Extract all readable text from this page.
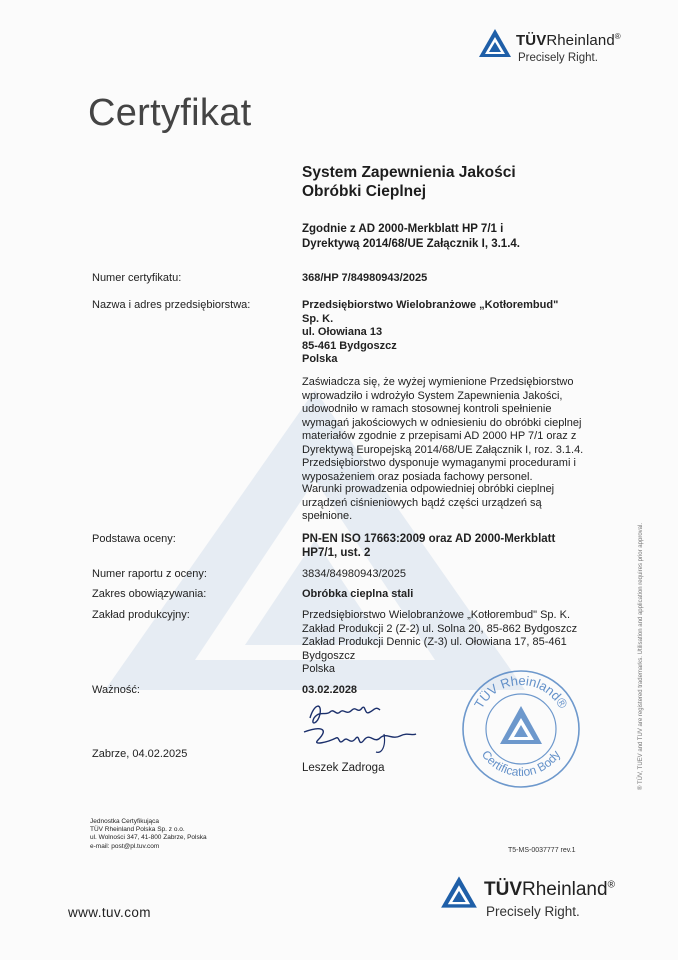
TÜVRheinland®
Precisely Right.
Certyfikat
System Zapewnienia Jakości
Obróbki Cieplnej
Zgodnie z AD 2000-Merkblatt HP 7/1 i
Dyrektywą 2014/68/UE Załącznik I, 3.1.4.
Numer certyfikatu:	368/HP 7/84980943/2025
Nazwa i adres przedsiębiorstwa:	Przedsiębiorstwo Wielobranżowe „Kotłorembud"
Sp. K.
ul. Ołowiana 13
85-461 Bydgoszcz
Polska
Zaświadcza się, że wyżej wymienione Przedsiębiorstwo
wprowadziło i wdrożyło System Zapewnienia Jakości,
udowodniło w ramach stosownej kontroli spełnienie
wymagań jakościowych w odniesieniu do obróbki cieplnej
materiałów zgodnie z przepisami AD 2000 HP 7/1 oraz z
Dyrektywą Europejską 2014/68/UE Załącznik I, roz. 3.1.4.
Przedsiębiorstwo dysponuje wymaganymi procedurami i
wyposażeniem oraz posiada fachowy personel.
Warunki prowadzenia odpowiedniej obróbki cieplnej
urządzeń ciśnieniowych bądź części urządzeń są
spełnione.
Podstawa oceny:	PN-EN ISO 17663:2009 oraz AD 2000-Merkblatt
HP7/1, ust. 2
Numer raportu z oceny:	3834/84980943/2025
Zakres obowiązywania:	Obróbka cieplna stali
Zakład produkcyjny:	Przedsiębiorstwo Wielobranżowe „Kotłorembud" Sp. K.
Zakład Produkcji 2 (Z-2) ul. Solna 20, 85-862 Bydgoszcz
Zakład Produkcji Dennic (Z-3) ul. Ołowiana 17, 85-461
Bydgoszcz
Polska
Ważność:	03.02.2028
Zabrze, 04.02.2025
Leszek Zadroga
TÜV Rheinland®
Certification Body	® TÜV, TUEV and TUV are registered trademarks. Utilisation and application requires prior approval.
Jednostka Certyfikująca
TÜV Rheinland Polska Sp. z o.o.
ul. Wolności 347, 41-800 Zabrze, Polska
e-mail: post@pl.tuv.com
T5-MS-0037777 rev.1
TÜVRheinland®
Precisely Right.
www.tuv.com
